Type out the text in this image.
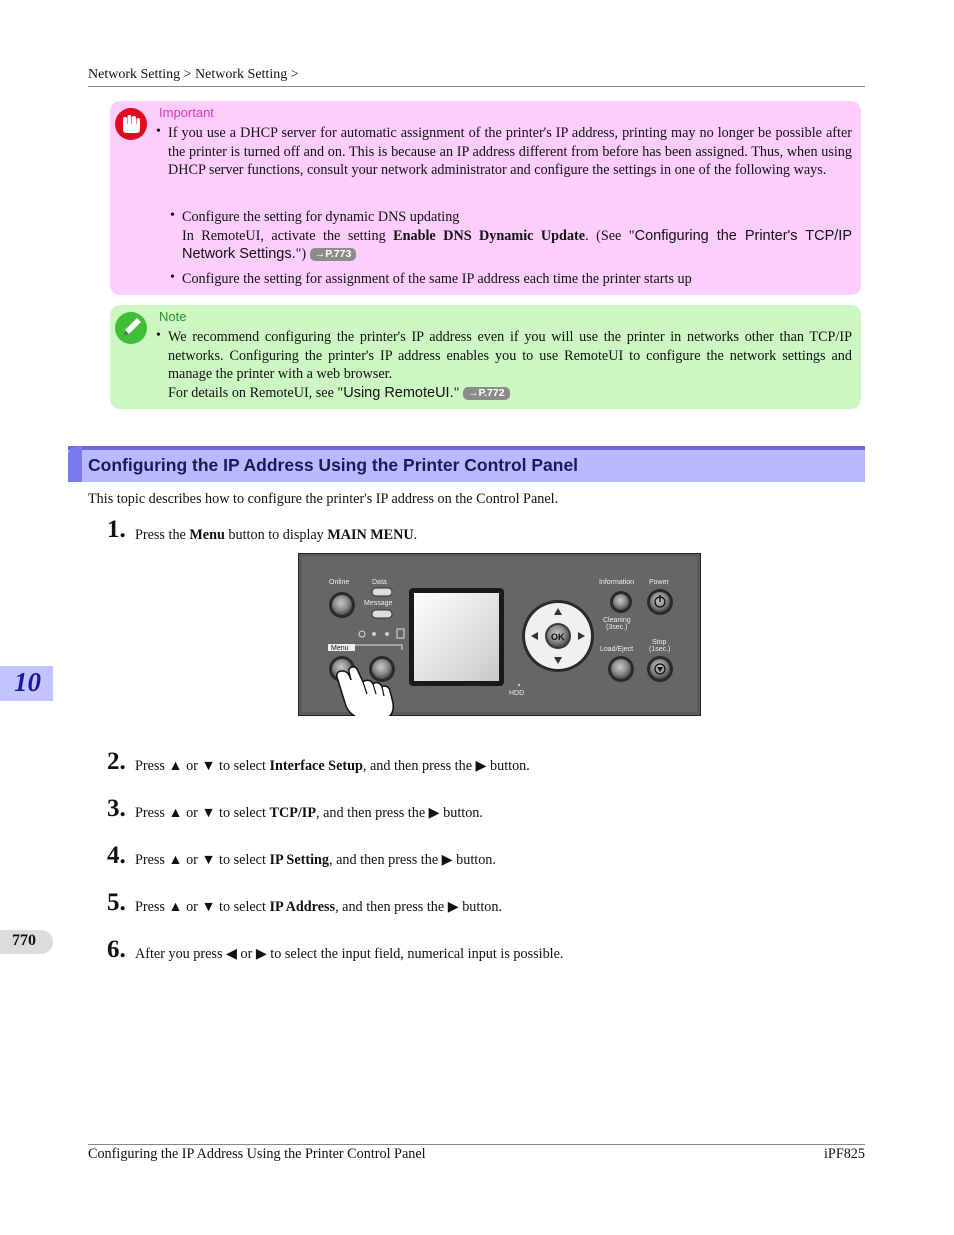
Network Setting > Network Setting >
Important
• If you use a DHCP server for automatic assignment of the printer's IP address, printing may no longer be possible after the printer is turned off and on. This is because an IP address different from before has been assigned. Thus, when using DHCP server functions, consult your network administrator and configure the settings in one of the following ways.
• Configure the setting for dynamic DNS updating
In RemoteUI, activate the setting Enable DNS Dynamic Update. (See "Configuring the Printer's TCP/IP Network Settings.") →P.773
• Configure the setting for assignment of the same IP address each time the printer starts up
Note
• We recommend configuring the printer's IP address even if you will use the printer in networks other than TCP/IP networks. Configuring the printer's IP address enables you to use RemoteUI to configure the network settings and manage the printer with a web browser.
For details on RemoteUI, see "Using RemoteUI." →P.772
Configuring the IP Address Using the Printer Control Panel
This topic describes how to configure the printer's IP address on the Control Panel.
1. Press the Menu button to display MAIN MENU.
HDD
OK
Online	Data
Message
Menu
Information Power
Cleaning
(3sec.)
Load/Eject
Stop
(1sec.)
2. Press ▲ or ▼ to select Interface Setup, and then press the ▶ button.
3. Press ▲ or ▼ to select TCP/IP, and then press the ▶ button.
4. Press ▲ or ▼ to select IP Setting, and then press the ▶ button.
5. Press ▲ or ▼ to select IP Address, and then press the ▶ button.
6. After you press ◀ or ▶ to select the input field, numerical input is possible.
10
770
Configuring the IP Address Using the Printer Control Panel	iPF825
